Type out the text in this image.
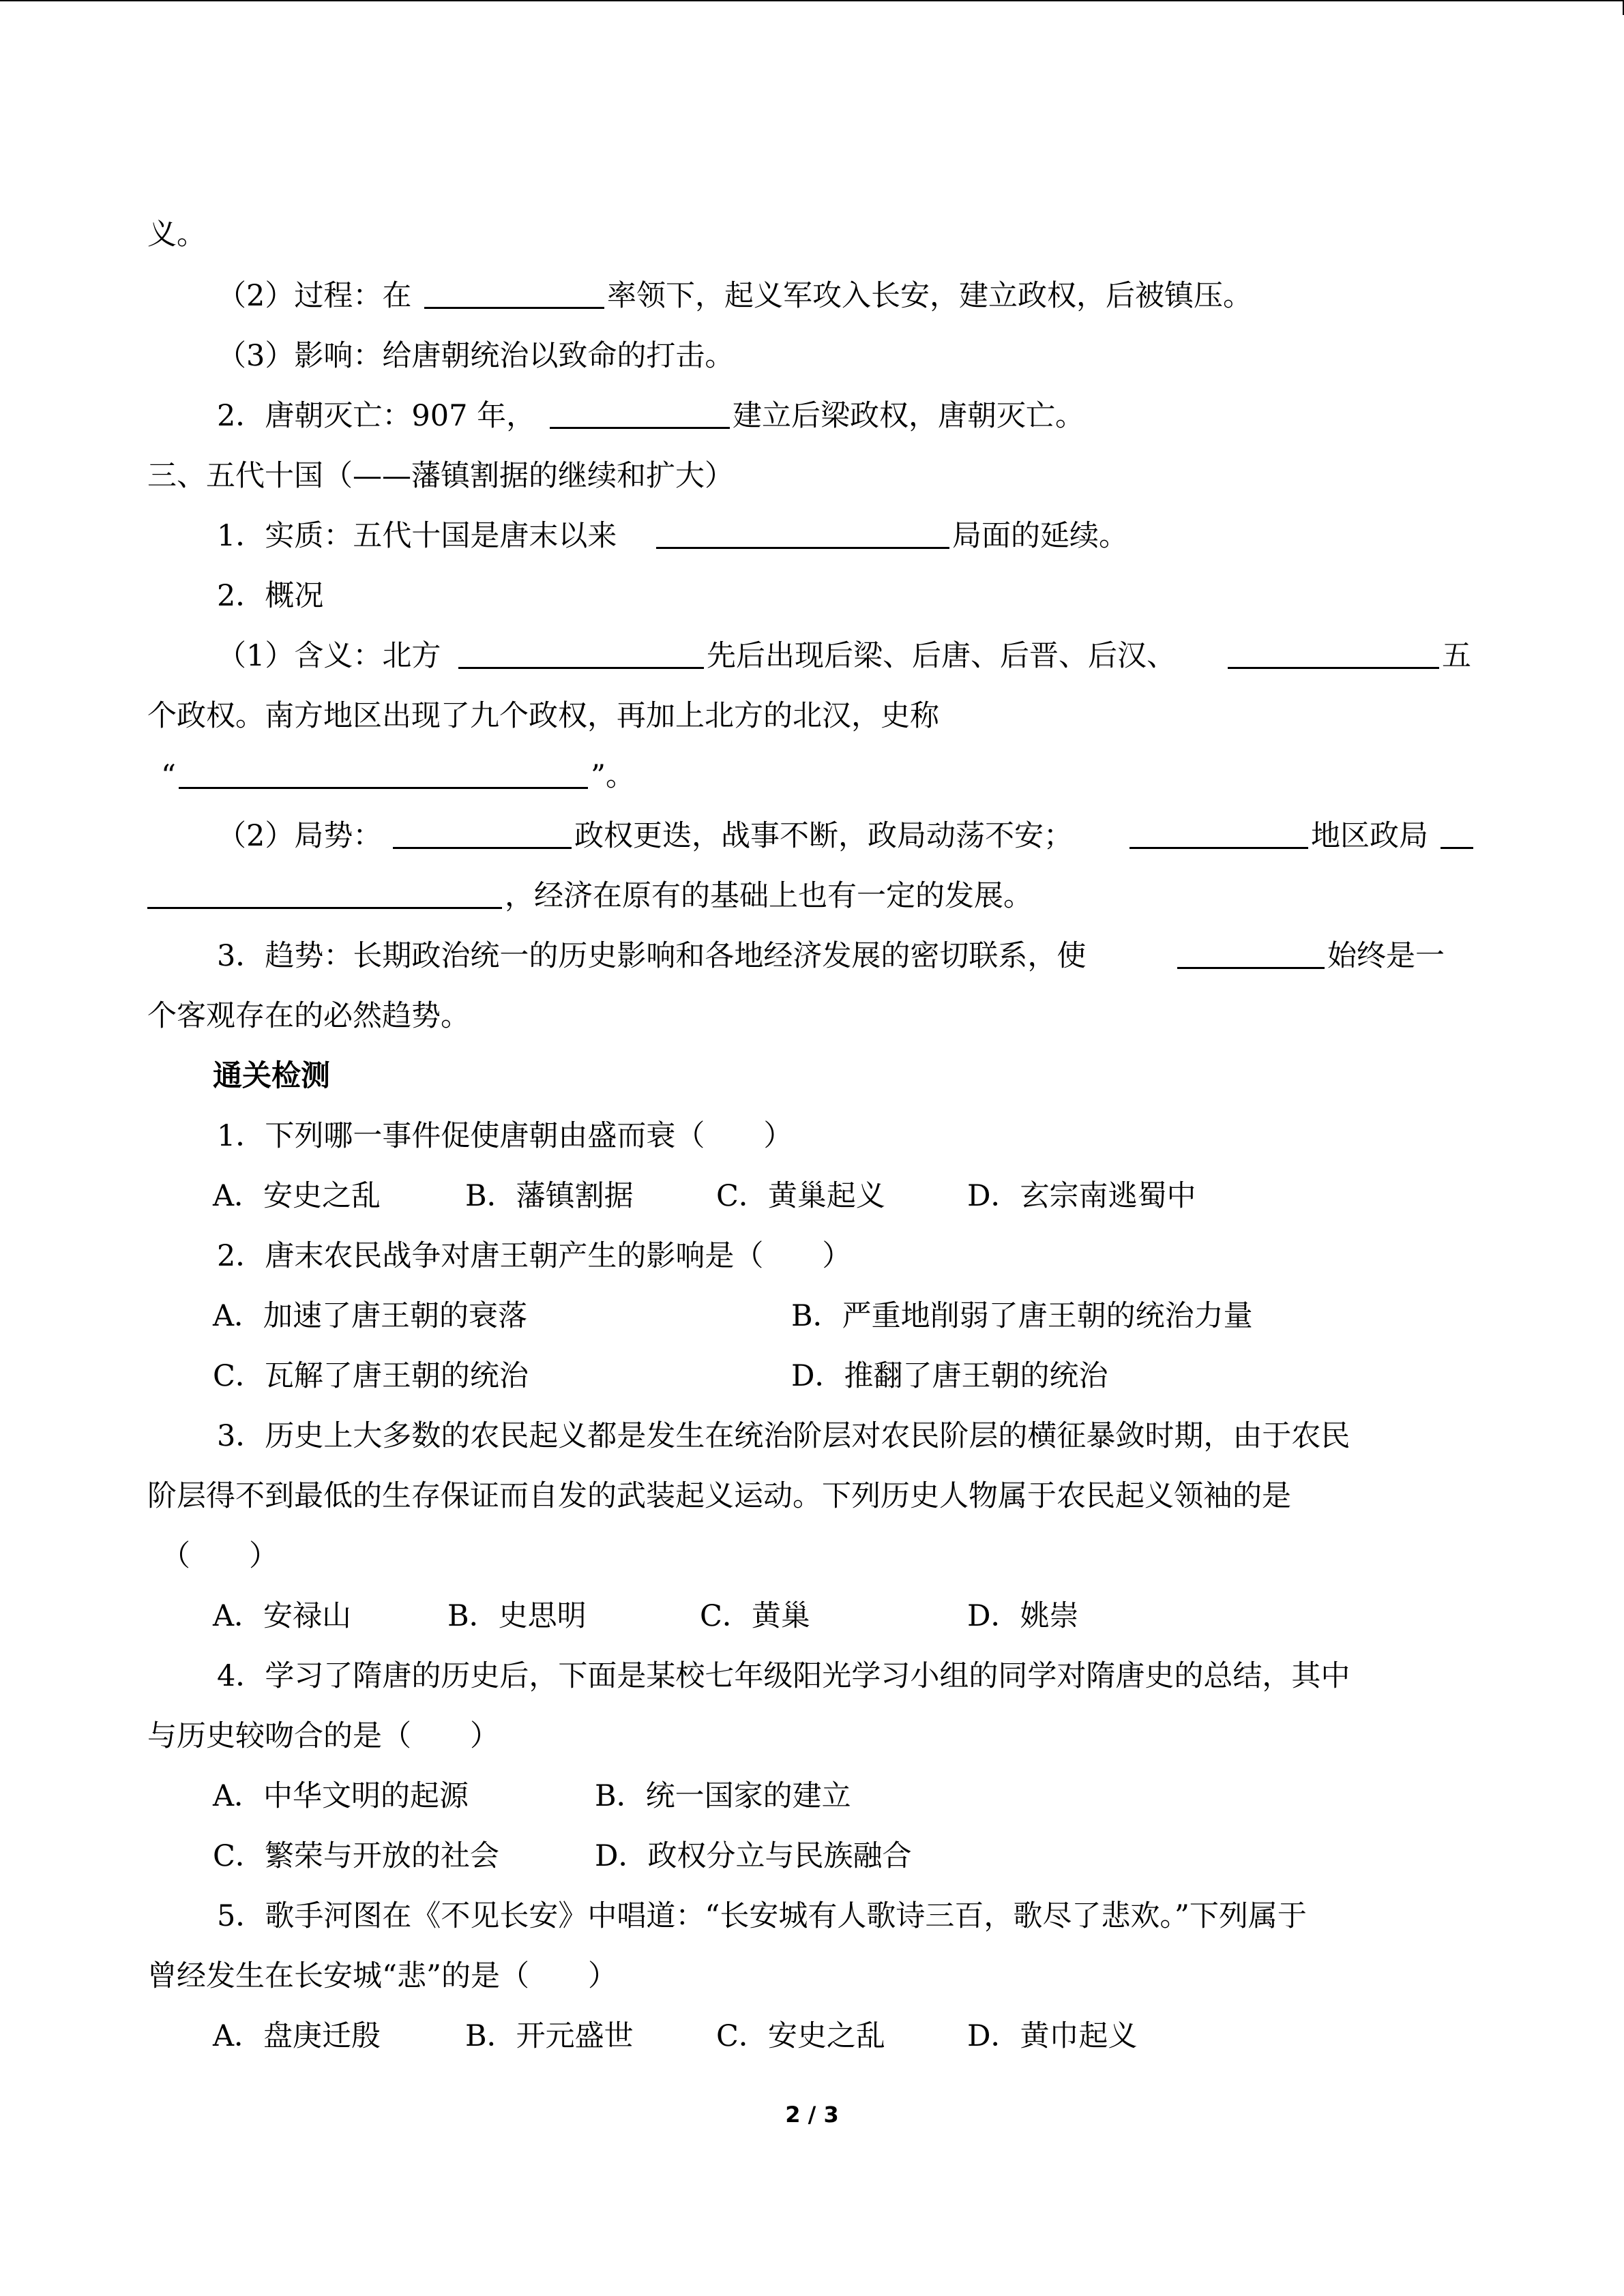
义。
（2）过程：在	率领下，起义军攻入长安，建立政权，后被镇压。
（3）影响：给唐朝统治以致命的打击。
2．唐朝灭亡：907 年，	建立后梁政权，唐朝灭亡。
三、五代十国（——藩镇割据的继续和扩大）
1．实质：五代十国是唐末以来	局面的延续。
2．概况
（1）含义：北方	先后出现后梁、后唐、后晋、后汉、	五
个政权。南方地区出现了九个政权，再加上北方的北汉，史称
“	”。
（2）局势：	政权更迭，战事不断，政局动荡不安；	地区政局
，经济在原有的基础上也有一定的发展。
3．趋势：长期政治统一的历史影响和各地经济发展的密切联系，使	始终是一
个客观存在的必然趋势。
通关检测
1．下列哪一事件促使唐朝由盛而衰（　　）
A．安史之乱	B．藩镇割据	C．黄巢起义	D．玄宗南逃蜀中
2．唐末农民战争对唐王朝产生的影响是（　　）
A．加速了唐王朝的衰落	B．严重地削弱了唐王朝的统治力量
C．瓦解了唐王朝的统治	D．推翻了唐王朝的统治
3．历史上大多数的农民起义都是发生在统治阶层对农民阶层的横征暴敛时期，由于农民
阶层得不到最低的生存保证而自发的武装起义运动。下列历史人物属于农民起义领袖的是
（　　）
A．安禄山	B．史思明	C．黄巢	D．姚崇
4．学习了隋唐的历史后，下面是某校七年级阳光学习小组的同学对隋唐史的总结，其中
与历史较吻合的是（　　）
A．中华文明的起源	B．统一国家的建立
C．繁荣与开放的社会	D．政权分立与民族融合
5．歌手河图在《不见长安》中唱道：“长安城有人歌诗三百，歌尽了悲欢。”下列属于
曾经发生在长安城“悲”的是（　　）
A．盘庚迁殷	B．开元盛世	C．安史之乱	D．黄巾起义
2 / 3
